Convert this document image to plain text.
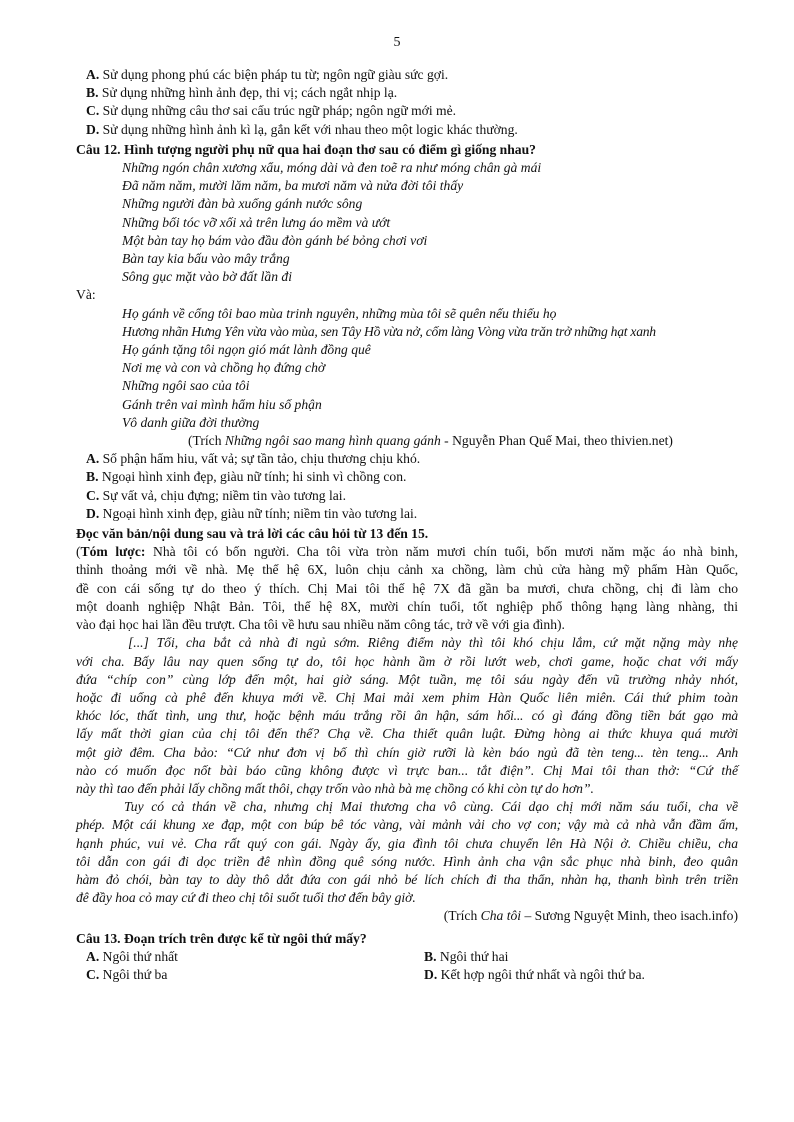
5
A. Sử dụng phong phú các biện pháp tu từ; ngôn ngữ giàu sức gợi.
B. Sử dụng những hình ảnh đẹp, thi vị; cách ngắt nhịp lạ.
C. Sử dụng những câu thơ sai cấu trúc ngữ pháp; ngôn ngữ mới mẻ.
D. Sử dụng những hình ảnh kì lạ, gắn kết với nhau theo một logic khác thường.
Câu 12. Hình tượng người phụ nữ qua hai đoạn thơ sau có điểm gì giống nhau?
Những ngón chân xương xẩu, móng dài và đen toẽ ra như móng chân gà mái
Đã năm năm, mười lăm năm, ba mươi năm và nửa đời tôi thấy
Những người đàn bà xuống gánh nước sông
Những bối tóc vỡ xối xả trên lưng áo mềm và ướt
Một bàn tay họ bám vào đầu đòn gánh bé bỏng chơi vơi
Bàn tay kia bấu vào mây trắng
Sông gục mặt vào bờ đất lần đi
Và:
Họ gánh về cổng tôi bao mùa trinh nguyên, những mùa tôi sẽ quên nếu thiếu họ
Hương nhãn Hưng Yên vừa vào mùa, sen Tây Hồ vừa nở, cốm làng Vòng vừa trăn trở những hạt xanh
Họ gánh tặng tôi ngọn gió mát lành đồng quê
Nơi mẹ và con và chồng họ đứng chờ
Những ngôi sao của tôi
Gánh trên vai mình hẩm hiu số phận
Vô danh giữa đời thường
(Trích Những ngôi sao mang hình quang gánh - Nguyễn Phan Quế Mai, theo thivien.net)
A. Số phận hẩm hiu, vất vả; sự tần tảo, chịu thương chịu khó.
B. Ngoại hình xinh đẹp, giàu nữ tính; hi sinh vì chồng con.
C. Sự vất vả, chịu đựng; niềm tin vào tương lai.
D. Ngoại hình xinh đẹp, giàu nữ tính; niềm tin vào tương lai.
Đọc văn bản/nội dung sau và trả lời các câu hỏi từ 13 đến 15.
(Tóm lược: Nhà tôi có bốn người. Cha tôi vừa tròn năm mươi chín tuổi, bốn mươi năm mặc áo nhà binh,
thỉnh thoảng mới về nhà. Mẹ thế hệ 6X, luôn chịu cảnh xa chồng, làm chủ cửa hàng mỹ phẩm Hàn Quốc,
đề con cái sống tự do theo ý thích. Chị Mai tôi thế hệ 7X đã gần ba mươi, chưa chồng, chị đi làm cho
một doanh nghiệp Nhật Bản. Tôi, thế hệ 8X, mười chín tuổi, tốt nghiệp phổ thông hạng làng nhàng, thi
vào đại học hai lần đều trượt. Cha tôi về hưu sau nhiều năm công tác, trở về với gia đình).
[...] Tối, cha bắt cả nhà đi ngủ sớm. Riêng điểm này thì tôi khó chịu lắm, cứ mặt nặng mày nhẹ
với cha. Bấy lâu nay quen sống tự do, tôi học hành ầm ờ rồi lướt web, chơi game, hoặc chat với mấy
đứa “chíp con” cùng lớp đến một, hai giờ sáng. Một tuần, mẹ tôi sáu ngày đến vũ trường nhảy nhót,
hoặc đi uống cà phê đến khuya mới về. Chị Mai mải xem phim Hàn Quốc liên miên. Cái thứ phim toàn
khóc lóc, thất tình, ung thư, hoặc bệnh máu trắng rồi ân hận, sám hối... có gì đáng đồng tiền bát gạo mà
lấy mất thời gian của chị tôi đến thế? Chạ về. Cha thiết quân luật. Đừng hòng ai thức khuya quá mười
một giờ đêm. Cha bảo: “Cứ như đơn vị bố thì chín giờ rưỡi là kèn báo ngủ đã tèn teng... tèn teng... Anh
nào có muốn đọc nốt bài báo cũng không được vì trực ban... tắt điện”. Chị Mai tôi than thở: “Cứ thế
này thì tao đến phải lấy chồng mất thôi, chạy trốn vào nhà bà mẹ chồng có khi còn tự do hơn”.
Tuy có cả thán về cha, nhưng chị Mai thương cha vô cùng. Cái dạo chị mới năm sáu tuổi, cha về
phép. Một cái khung xe đạp, một con búp bê tóc vàng, vài mảnh vải cho vợ con; vậy mà cả nhà vẫn đầm ấm,
hạnh phúc, vui vẻ. Cha rất quý con gái. Ngày ấy, gia đình tôi chưa chuyển lên Hà Nội ở. Chiều chiều, cha
tôi dẫn con gái đi dọc triền đê nhìn đồng quê sóng nước. Hình ảnh cha vận sắc phục nhà binh, đeo quân
hàm đỏ chói, bàn tay to dày thô dắt đứa con gái nhỏ bé lích chích đi tha thẩn, nhàn hạ, thanh bình trên triền
đê đầy hoa cỏ may cứ đi theo chị tôi suốt tuổi thơ đến bây giờ.
(Trích Cha tôi – Sương Nguyệt Minh, theo isach.info)
Câu 13. Đoạn trích trên được kể từ ngôi thứ mấy?
A. Ngôi thứ nhất	B. Ngôi thứ hai
C. Ngôi thứ ba	D. Kết hợp ngôi thứ nhất và ngôi thứ ba.
